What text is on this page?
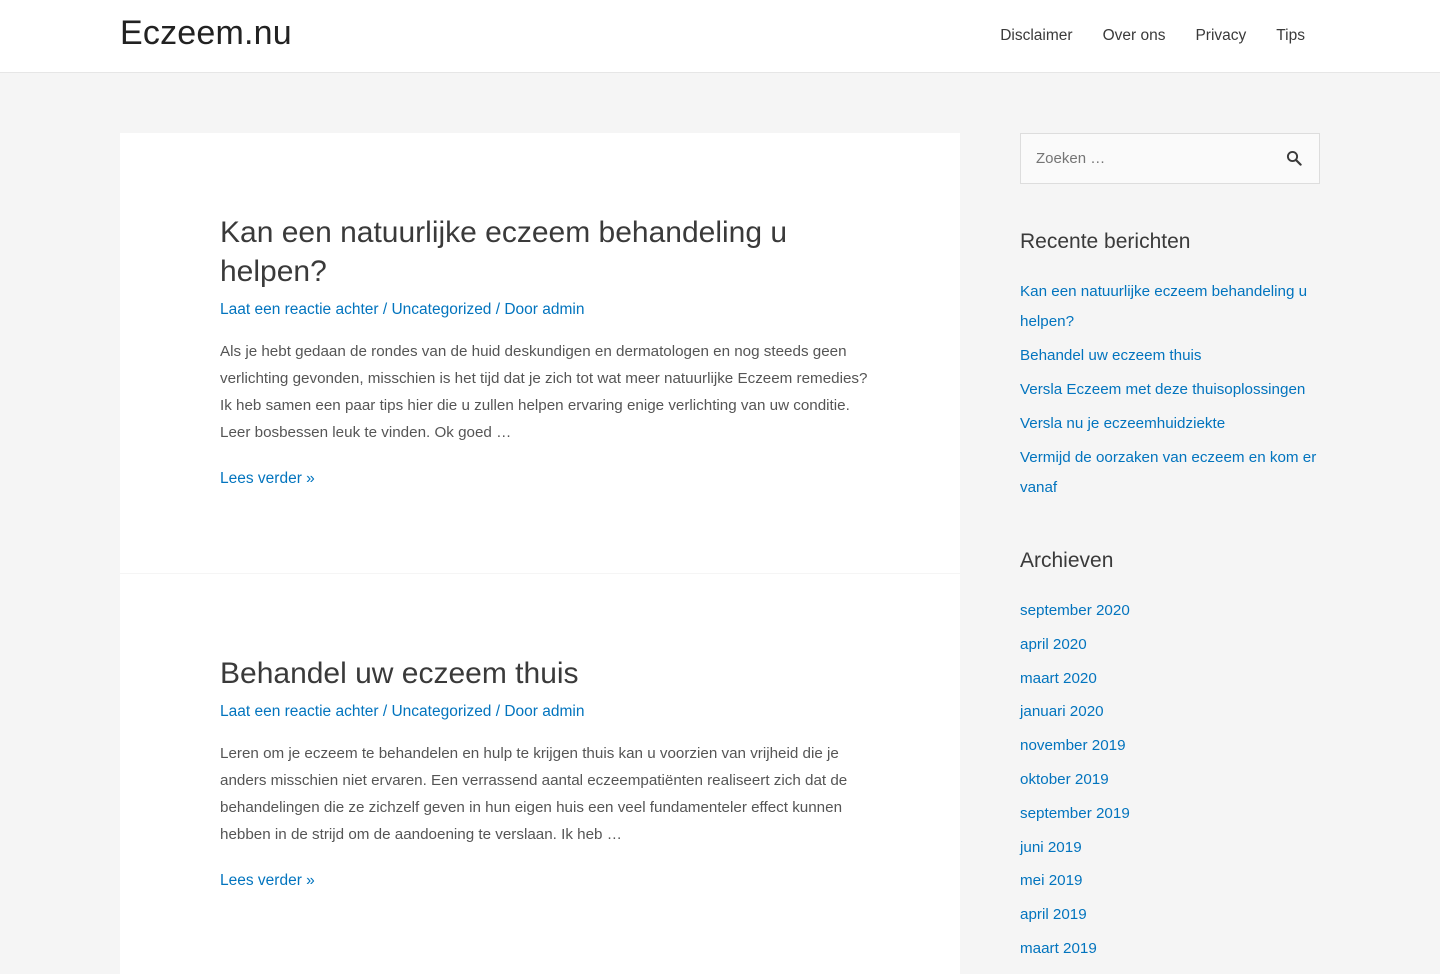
Eczeem.nu	Disclaimer	Over ons	Privacy	Tips
Kan een natuurlijke eczeem behandeling u helpen?
Laat een reactie achter / Uncategorized / Door admin

Als je hebt gedaan de rondes van de huid deskundigen en dermatologen en nog steeds geen verlichting gevonden, misschien is het tijd dat je zich tot wat meer natuurlijke Eczeem remedies? Ik heb samen een paar tips hier die u zullen helpen ervaring enige verlichting van uw conditie. Leer bosbessen leuk te vinden. Ok goed …

Lees verder »
Behandel uw eczeem thuis
Laat een reactie achter / Uncategorized / Door admin

Leren om je eczeem te behandelen en hulp te krijgen thuis kan u voorzien van vrijheid die je anders misschien niet ervaren. Een verrassend aantal eczeempatiënten realiseert zich dat de behandelingen die ze zichzelf geven in hun eigen huis een veel fundamenteler effect kunnen hebben in de strijd om de aandoening te verslaan. Ik heb …

Lees verder »
Zoeken …
Recente berichten
Kan een natuurlijke eczeem behandeling u helpen?
Behandel uw eczeem thuis
Versla Eczeem met deze thuisoplossingen
Versla nu je eczeemhuidziekte
Vermijd de oorzaken van eczeem en kom er vanaf
Archieven
september 2020
april 2020
maart 2020
januari 2020
november 2019
oktober 2019
september 2019
juni 2019
mei 2019
april 2019
maart 2019
